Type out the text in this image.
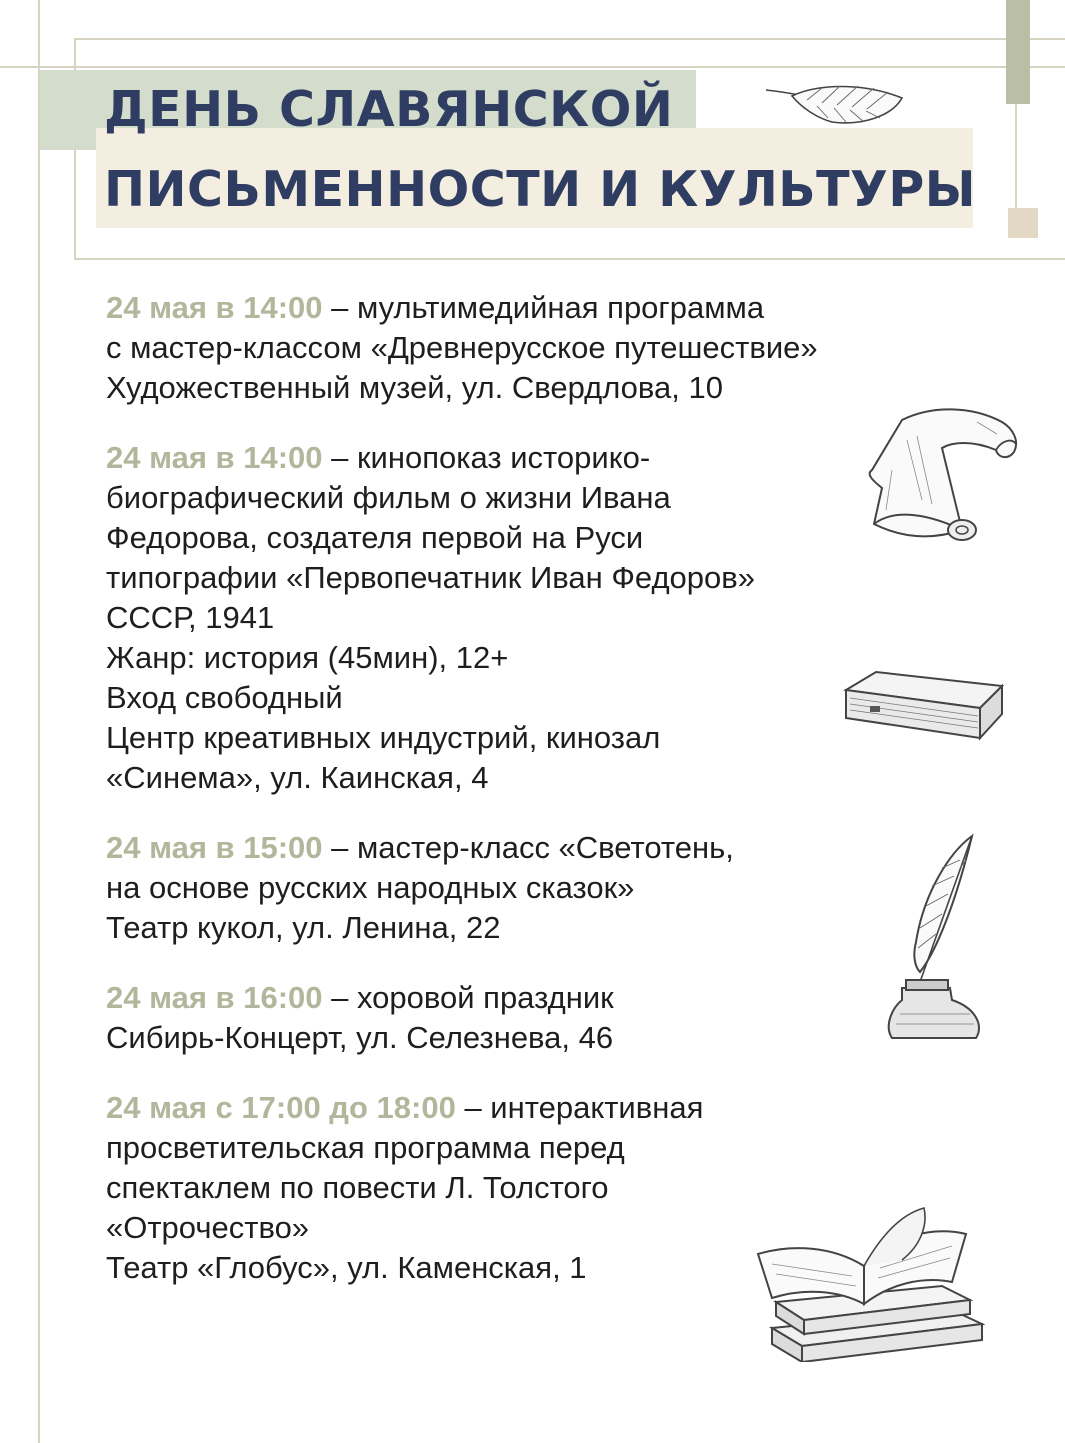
ДЕНЬ СЛАВЯНСКОЙ
ПИСЬМЕННОСТИ И КУЛЬТУРЫ

24 мая в 14:00 – мультимедийная программа

с мастер-классом «Древнерусское путешествие»

Художественный музей, ул. Свердлова, 10

24 мая в 14:00 – кинопоказ историко-

биографический фильм о жизни Ивана

Федорова, создателя первой на Руси

типографии «Первопечатник Иван Федоров»

СССР, 1941

Жанр: история (45мин), 12+

Вход свободный

Центр креативных индустрий, кинозал

«Синема», ул. Каинская, 4

24 мая в 15:00 – мастер-класс «Светотень,

на основе русских народных сказок»

Театр кукол, ул. Ленина, 22

24 мая в 16:00 – хоровой праздник

Сибирь-Концерт, ул. Селезнева, 46

24 мая с 17:00 до 18:00 – интерактивная

просветительская программа перед

спектаклем по повести Л. Толстого

«Отрочество»

Театр «Глобус», ул. Каменская, 1
